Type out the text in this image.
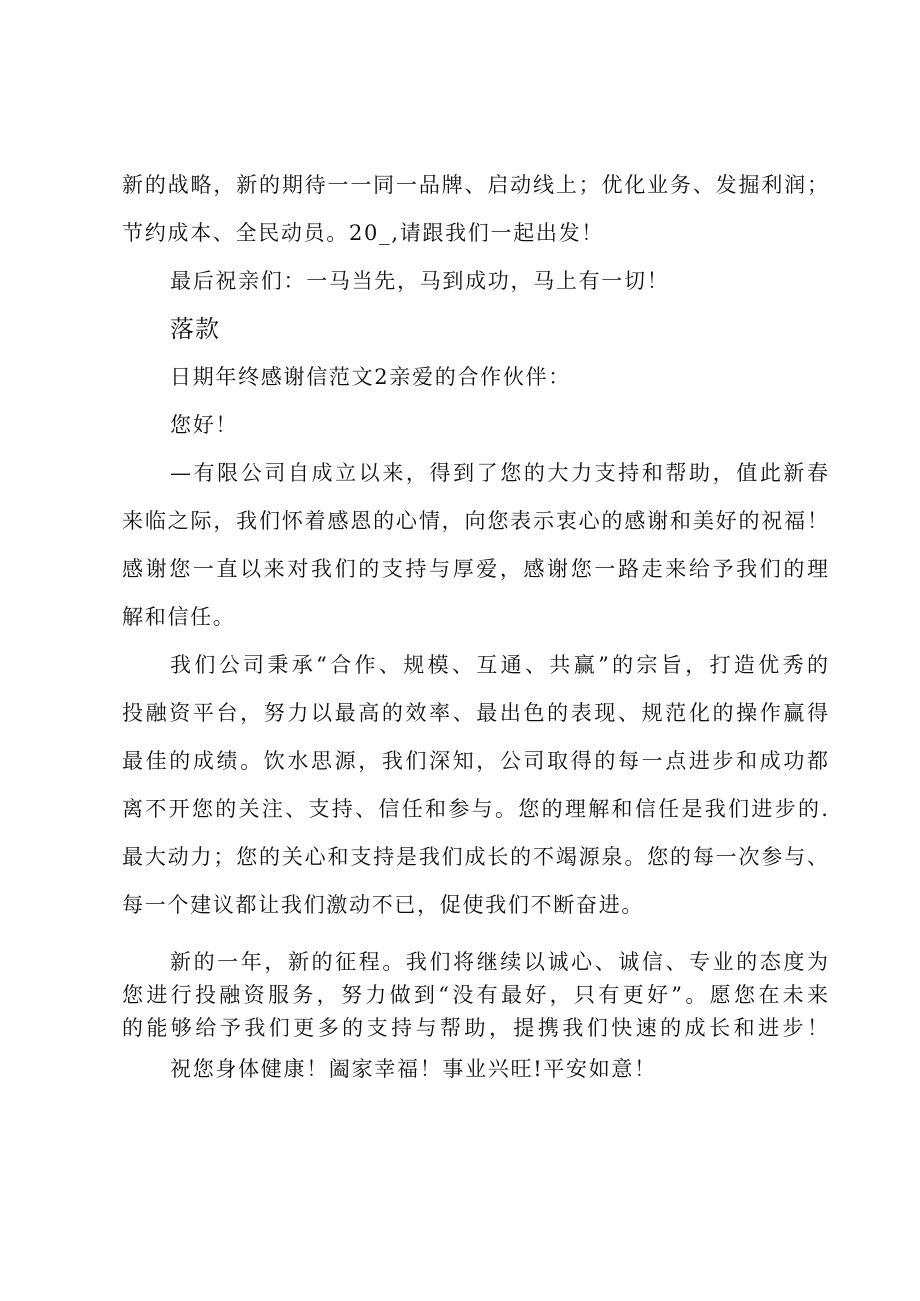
新的战略，新的期待一一同一品牌、启动线上；优化业务、发掘利润；
节约成本、全民动员。20_,请跟我们一起出发！
最后祝亲们：一马当先，马到成功，马上有一切！
落款
日期年终感谢信范文2亲爱的合作伙伴：
您好！
—有限公司自成立以来，得到了您的大力支持和帮助，值此新春
来临之际，我们怀着感恩的心情，向您表示衷心的感谢和美好的祝福！
感谢您一直以来对我们的支持与厚爱，感谢您一路走来给予我们的理
解和信任。
我们公司秉承“合作、规模、互通、共赢”的宗旨，打造优秀的
投融资平台，努力以最高的效率、最出色的表现、规范化的操作赢得
最佳的成绩。饮水思源，我们深知，公司取得的每一点进步和成功都
离不开您的关注、支持、信任和参与。您的理解和信任是我们进步的.
最大动力；您的关心和支持是我们成长的不竭源泉。您的每一次参与、
每一个建议都让我们激动不已，促使我们不断奋进。
新的一年，新的征程。我们将继续以诚心、诚信、专业的态度为
您进行投融资服务，努力做到“没有最好，只有更好”。愿您在未来
的能够给予我们更多的支持与帮助，提携我们快速的成长和进步！
祝您身体健康！阖家幸福！事业兴旺!平安如意！
